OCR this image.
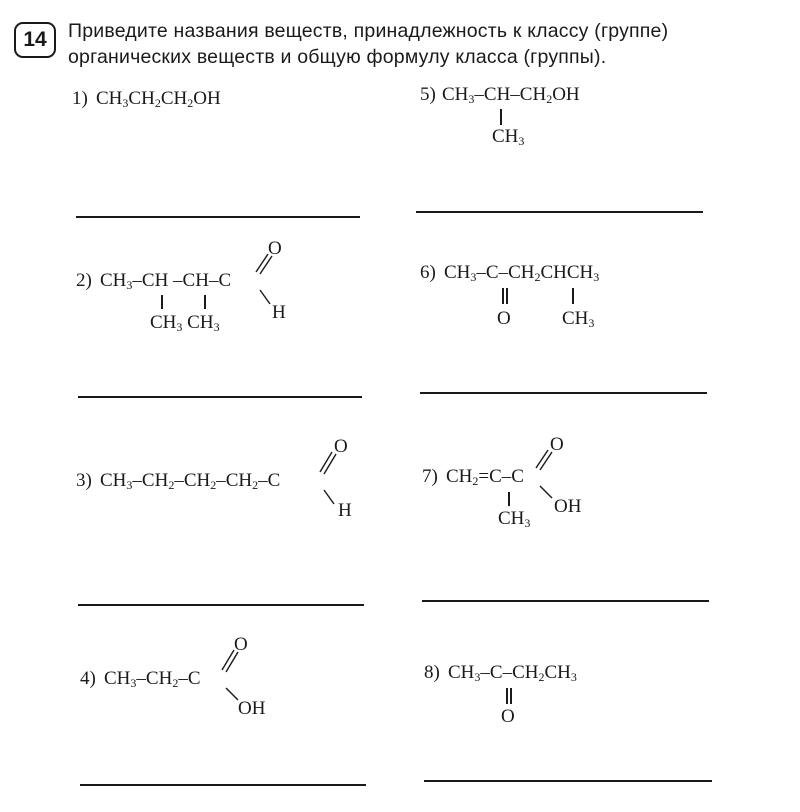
14 Приведите названия веществ, принадлежность к классу (группе) органических веществ и общую формулу класса (группы).
1) $CH_3CH_2CH_2OH$	5) $CH_3-CH-CH_2OH$
$CH_3$
2) $CH_3-CH$ –CH–C
$CH_3$ $CH_3$
O
H
6) $CH_3-C-CH_2CHCH_3$
O	$CH_3$
3) $CH_3-CH_2-CH_2-CH_2-C$
O
H
7) $CH_2=C-C$
$CH_3$
O
OH
4) $CH_3-CH_2-C$
O
OH
8) $CH_3-C-CH_2CH_3$
O
